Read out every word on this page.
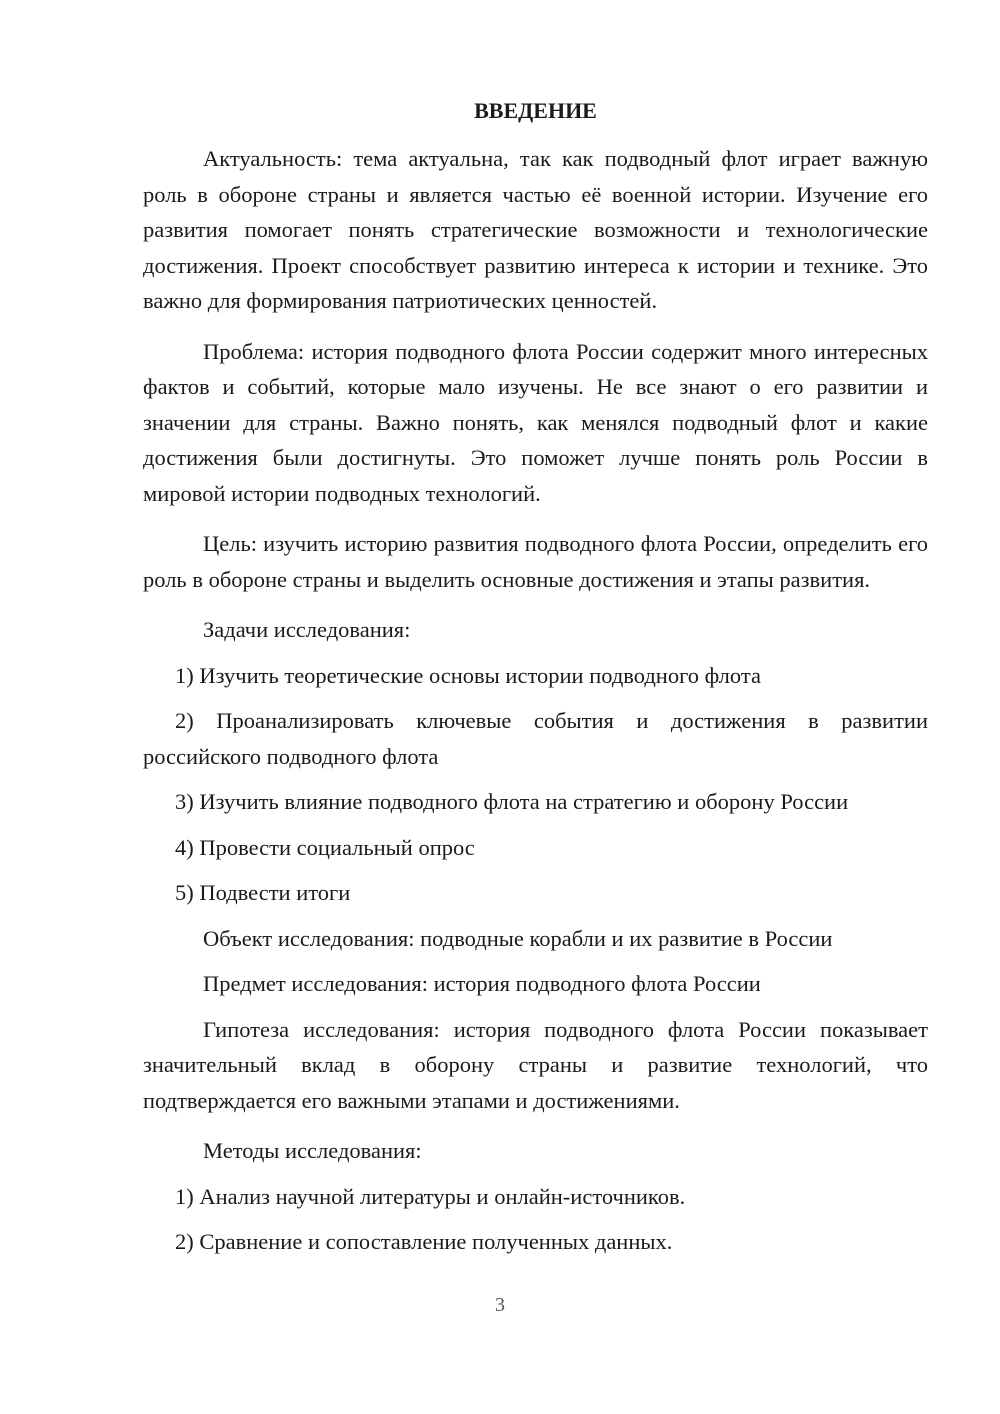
ВВЕДЕНИЕ

Актуальность: тема актуальна, так как подводный флот играет важную роль в обороне страны и является частью её военной истории. Изучение его развития помогает понять стратегические возможности и технологические достижения. Проект способствует развитию интереса к истории и технике. Это важно для формирования патриотических ценностей.

Проблема: история подводного флота России содержит много интересных фактов и событий, которые мало изучены. Не все знают о его развитии и значении для страны. Важно понять, как менялся подводный флот и какие достижения были достигнуты. Это поможет лучше понять роль России в мировой истории подводных технологий.

Цель: изучить историю развития подводного флота России, определить его роль в обороне страны и выделить основные достижения и этапы развития.

Задачи исследования:

1) Изучить теоретические основы истории подводного флота

2) Проанализировать ключевые события и достижения в развитии российского подводного флота

3) Изучить влияние подводного флота на стратегию и оборону России

4) Провести социальный опрос

5) Подвести итоги

Объект исследования: подводные корабли и их развитие в России

Предмет исследования: история подводного флота России

Гипотеза исследования: история подводного флота России показывает значительный вклад в оборону страны и развитие технологий, что подтверждается его важными этапами и достижениями.

Методы исследования:

1) Анализ научной литературы и онлайн-источников.

2) Сравнение и сопоставление полученных данных.

3
